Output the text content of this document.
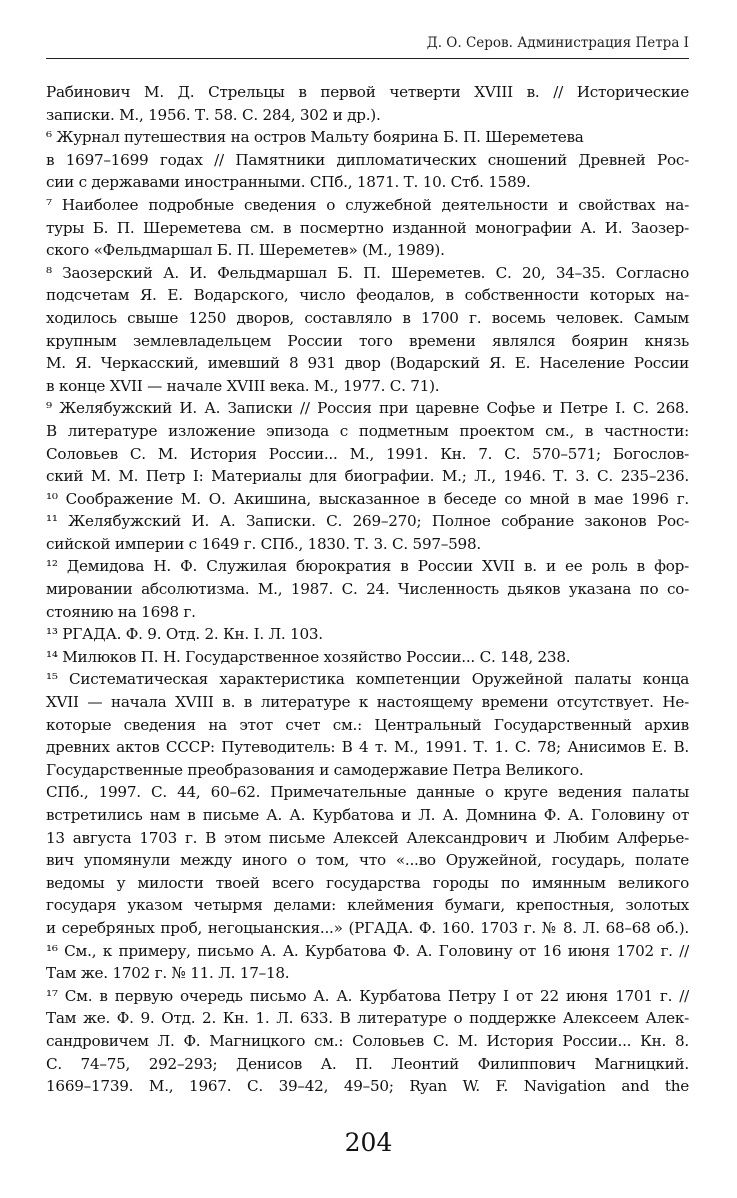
Д. О. Серов. Администрация Петра I
Рабинович М. Д. Стрельцы в первой четверти XVIII в. // Исторические
записки. М., 1956. Т. 58. С. 284, 302 и др.).
⁶ Журнал путешествия на остров Мальту боярина Б. П. Шереметева
в 1697–1699 годах // Памятники дипломатических сношений Древней Рос-
сии с державами иностранными. СПб., 1871. Т. 10. Стб. 1589.
⁷ Наиболее подробные сведения о служебной деятельности и свойствах на-
туры Б. П. Шереметева см. в посмертно изданной монографии А. И. Заозер-
ского «Фельдмаршал Б. П. Шереметев» (М., 1989).
⁸ Заозерский А. И. Фельдмаршал Б. П. Шереметев. С. 20, 34–35. Согласно
подсчетам Я. Е. Водарского, число феодалов, в собственности которых на-
ходилось свыше 1250 дворов, составляло в 1700 г. восемь человек. Самым
крупным землевладельцем России того времени являлся боярин князь
М. Я. Черкасский, имевший 8 931 двор (Водарский Я. Е. Население России
в конце XVII — начале XVIII века. М., 1977. С. 71).
⁹ Желябужский И. А. Записки // Россия при царевне Софье и Петре I. С. 268.
В литературе изложение эпизода с подметным проектом см., в частности:
Соловьев С. М. История России... М., 1991. Кн. 7. С. 570–571; Богослов-
ский М. М. Петр I: Материалы для биографии. М.; Л., 1946. Т. 3. С. 235–236.
¹⁰ Соображение М. О. Акишина, высказанное в беседе со мной в мае 1996 г.
¹¹ Желябужский И. А. Записки. С. 269–270; Полное собрание законов Рос-
сийской империи с 1649 г. СПб., 1830. Т. 3. С. 597–598.
¹² Демидова Н. Ф. Служилая бюрократия в России XVII в. и ее роль в фор-
мировании абсолютизма. М., 1987. С. 24. Численность дьяков указана по со-
стоянию на 1698 г.
¹³ РГАДА. Ф. 9. Отд. 2. Кн. I. Л. 103.
¹⁴ Милюков П. Н. Государственное хозяйство России... С. 148, 238.
¹⁵ Систематическая характеристика компетенции Оружейной палаты конца
XVII — начала XVIII в. в литературе к настоящему времени отсутствует. Не-
которые сведения на этот счет см.: Центральный Государственный архив
древних актов СССР: Путеводитель: В 4 т. М., 1991. Т. 1. С. 78; Анисимов Е. В.
Государственные преобразования и самодержавие Петра Великого.
СПб., 1997. С. 44, 60–62. Примечательные данные о круге ведения палаты
встретились нам в письме А. А. Курбатова и Л. А. Домнина Ф. А. Головину от
13 августа 1703 г. В этом письме Алексей Александрович и Любим Алферье-
вич упомянули между иного о том, что «...во Оружейной, государь, полате
ведомы у милости твоей всего государства городы по имянным великого
государя указом четырмя делами: клеймения бумаги, крепостныя, золотых
и серебряных проб, негоцыанския...» (РГАДА. Ф. 160. 1703 г. № 8. Л. 68–68 об.).
¹⁶ См., к примеру, письмо А. А. Курбатова Ф. А. Головину от 16 июня 1702 г. //
Там же. 1702 г. № 11. Л. 17–18.
¹⁷ См. в первую очередь письмо А. А. Курбатова Петру I от 22 июня 1701 г. //
Там же. Ф. 9. Отд. 2. Кн. 1. Л. 633. В литературе о поддержке Алексеем Алек-
сандровичем Л. Ф. Магницкого см.: Соловьев С. М. История России... Кн. 8.
С. 74–75, 292–293; Денисов А. П. Леонтий Филиппович Магницкий.
1669–1739. М., 1967. С. 39–42, 49–50; Ryan W. F. Navigation and the
204
